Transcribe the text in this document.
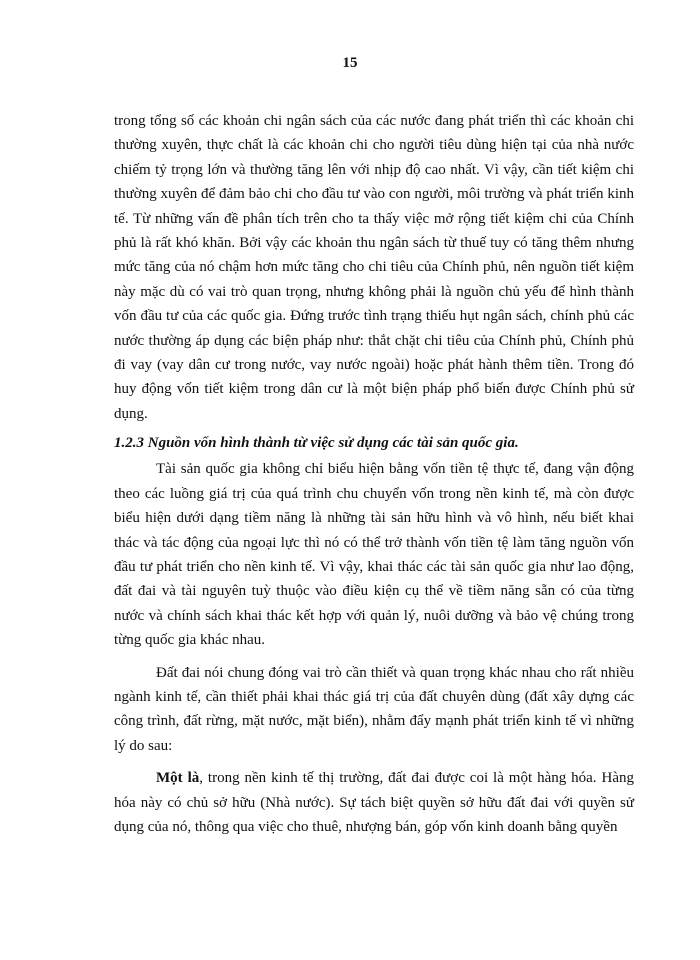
15

trong tổng số các khoản chi ngân sách của các nước đang phát triển thì các khoản chi thường xuyên, thực chất là các khoản chi cho người tiêu dùng hiện tại của nhà nước chiếm tỷ trọng lớn và thường tăng lên với nhịp độ cao nhất. Vì vậy, cần tiết kiệm chi thường xuyên để đảm bảo chi cho đầu tư vào con người, môi trường và phát triển kinh tế. Từ những vấn đề phân tích trên cho ta thấy việc mở rộng tiết kiệm chi của Chính phủ là rất khó khăn. Bởi vậy các khoản thu ngân sách từ thuế tuy có tăng thêm nhưng mức tăng của nó chậm hơn mức tăng cho chi tiêu của Chính phủ, nên nguồn tiết kiệm này mặc dù có vai trò quan trọng, nhưng không phải là nguồn chủ yếu để hình thành vốn đầu tư của các quốc gia. Đứng trước tình trạng thiếu hụt ngân sách, chính phủ các nước thường áp dụng các biện pháp như: thắt chặt chi tiêu của Chính phủ, Chính phủ đi vay (vay dân cư trong nước, vay nước ngoài) hoặc phát hành thêm tiền. Trong đó huy động vốn tiết kiệm trong dân cư là một biện pháp phổ biến được Chính phủ sử dụng.

1.2.3 Nguồn vốn hình thành từ việc sử dụng các tài sản quốc gia.

Tài sản quốc gia không chỉ biểu hiện bằng vốn tiền tệ thực tế, đang vận động theo các luồng giá trị của quá trình chu chuyển vốn trong nền kinh tế, mà còn được biểu hiện dưới dạng tiềm năng là những tài sản hữu hình và vô hình, nếu biết khai thác và tác động của ngoại lực thì nó có thể trở thành vốn tiền tệ làm tăng nguồn vốn đầu tư phát triển cho nền kinh tế. Vì vậy, khai thác các tài sản quốc gia như lao động, đất đai và tài nguyên tuỳ thuộc vào điều kiện cụ thể về tiềm năng sẵn có của từng nước và chính sách khai thác kết hợp với quản lý, nuôi dưỡng và bảo vệ chúng trong từng quốc gia khác nhau.

Đất đai nói chung đóng vai trò cần thiết và quan trọng khác nhau cho rất nhiều ngành kinh tế, cần thiết phải khai thác giá trị của đất chuyên dùng (đất xây dựng các công trình, đất rừng, mặt nước, mặt biển), nhằm đẩy mạnh phát triển kinh tế vì những lý do sau:

Một là, trong nền kinh tế thị trường, đất đai được coi là một hàng hóa. Hàng hóa này có chủ sở hữu (Nhà nước). Sự tách biệt quyền sở hữu đất đai với quyền sử dụng của nó, thông qua việc cho thuê, nhượng bán, góp vốn kinh doanh bằng quyền
